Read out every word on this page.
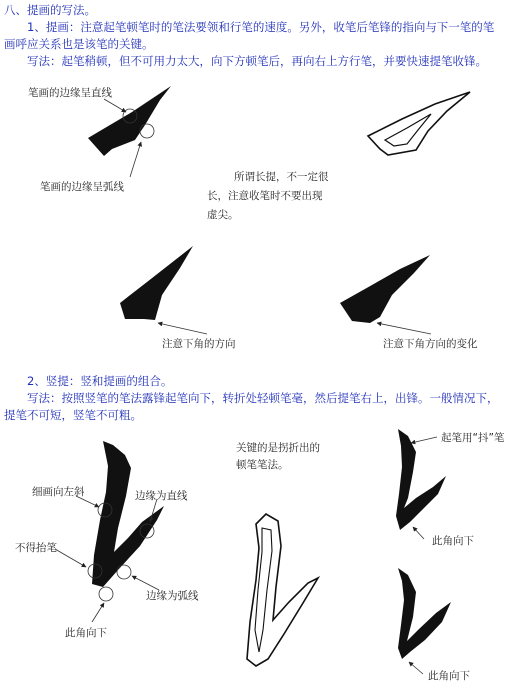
八、提画的写法。
1、提画：注意起笔顿笔时的笔法要领和行笔的速度。另外，收笔后笔锋的指向与下一笔的笔
画呼应关系也是该笔的关键。
写法：起笔稍顿，但不可用力太大，向下方顿笔后，再向右上方行笔，并要快速提笔收锋。
笔画的边缘呈直线
笔画的边缘呈弧线
所谓长提，不一定很
长，注意收笔时不要出现
虚尖。
注意下角的方向	注意下角方向的变化
2、竖提：竖和提画的组合。
写法：按照竖笔的笔法露锋起笔向下，转折处轻顿笔毫，然后提笔右上，出锋。一般情况下，
提笔不可短，竖笔不可粗。
细画向左斜	边缘为直线
不得抬笔
边缘为弧线
此角向下
关键的是拐折出的
顿笔笔法。
起笔用“抖”笔
此角向下
此角向下
